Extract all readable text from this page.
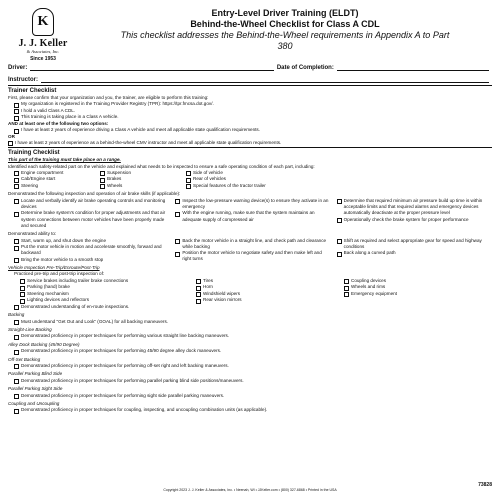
K
J. J. Keller
& Associates, Inc.
Since 1953
Entry-Level Driver Training (ELDT)
Behind-the-Wheel Checklist for Class A CDL
This checklist addresses the Behind-the-Wheel requirements in Appendix A to Part 380
Driver:	Date of Completion:
Instructor:
Trainer Checklist
First, please confirm that your organization and you, the trainer, are eligible to perform this training:
My organization is registered in the Training Provider Registry (TPR): https://tpr.fmcsa.dot.gov/.
I hold a valid Class A CDL.
This training is taking place in a Class A vehicle.
AND at least one of the following two options:
I have at least 2 years of experience driving a Class A vehicle and meet all applicable state qualification requirements.
OR
I have at least 2 years of experience as a behind-the-wheel CMV instructor and meet all applicable state qualification requirements.
Training Checklist
This part of the training must take place on a range.
Identified each safety-related part on the vehicle and explained what needs to be inspected to ensure a safe operating condition of each part, including:
Engine compartment	Suspension	Side of vehicle
Cab/Engine start	Brakes	Rear of vehicles
Steering	Wheels	Special features of the tractor trailer
Demonstrated the following inspection and operation of air brake skills (if applicable):
Locate and verbally identify air brake operating controls and monitoring devices
Determine brake system's condition for proper adjustments and that air system connections between motor vehicles have been properly made and secured
Inspect the low-pressure warning device(s) to ensure they activate in an emergency
With the engine running, make sure that the system maintains an adequate supply of compressed air
Determine that required minimum air pressure build up time is within acceptable limits and that required alarms and emergency devices automatically deactivate at the proper pressure level
Operationally check the brake system for proper performance
Demonstrated ability to:
Start, warm up, and shut down the engine
Put the motor vehicle in motion and accelerate smoothly, forward and backward
Bring the motor vehicle to a smooth stop
Back the motor vehicle in a straight line, and check path and clearance while backing
Position the motor vehicle to negotiate safety and then make left and right turns
Shift as required and select appropriate gear for speed and highway conditions
Back along a curved path
Vehicle Inspection Pre-Trip/Enroute/Post-Trip
Practiced pre-trip and post-trip inspection of:
Service brakes including trailer brake connections
Parking (hand) brake
Steering mechanism
Lighting devices and reflectors
Tires
Horn
Windshield wipers
Rear vision mirrors
Coupling devices
Wheels and rims
Emergency equipment
Demonstrated understanding of en-route inspections.
Backing
Must understand "Get Out and Look" (GOAL) for all backing maneuvers.
Straight-Line Backing
Demonstrated proficiency in proper techniques for performing various straight line backing maneuvers.
Alley Dock Backing (45/90 Degree)
Demonstrated proficiency in proper techniques for performing 45/90 degree alley dock maneuvers.
Off-Set Backing
Demonstrated proficiency in proper techniques for performing off-set right and left backing maneuvers.
Parallel Parking Blind Side
Demonstrated proficiency in proper techniques for performing parallel parking blind side positions/maneuvers.
Parallel Parking Sight Side
Demonstrated proficiency in proper techniques for performing sight side parallel parking maneuvers.
Coupling and Uncoupling
Demonstrated proficiency in proper techniques for coupling, inspecting, and uncoupling combination units (as applicable).
73828
Copyright 2023 J. J. Keller & Associates, Inc. • Neenah, WI • JJKeller.com • (800) 327-6868 • Printed in the USA
